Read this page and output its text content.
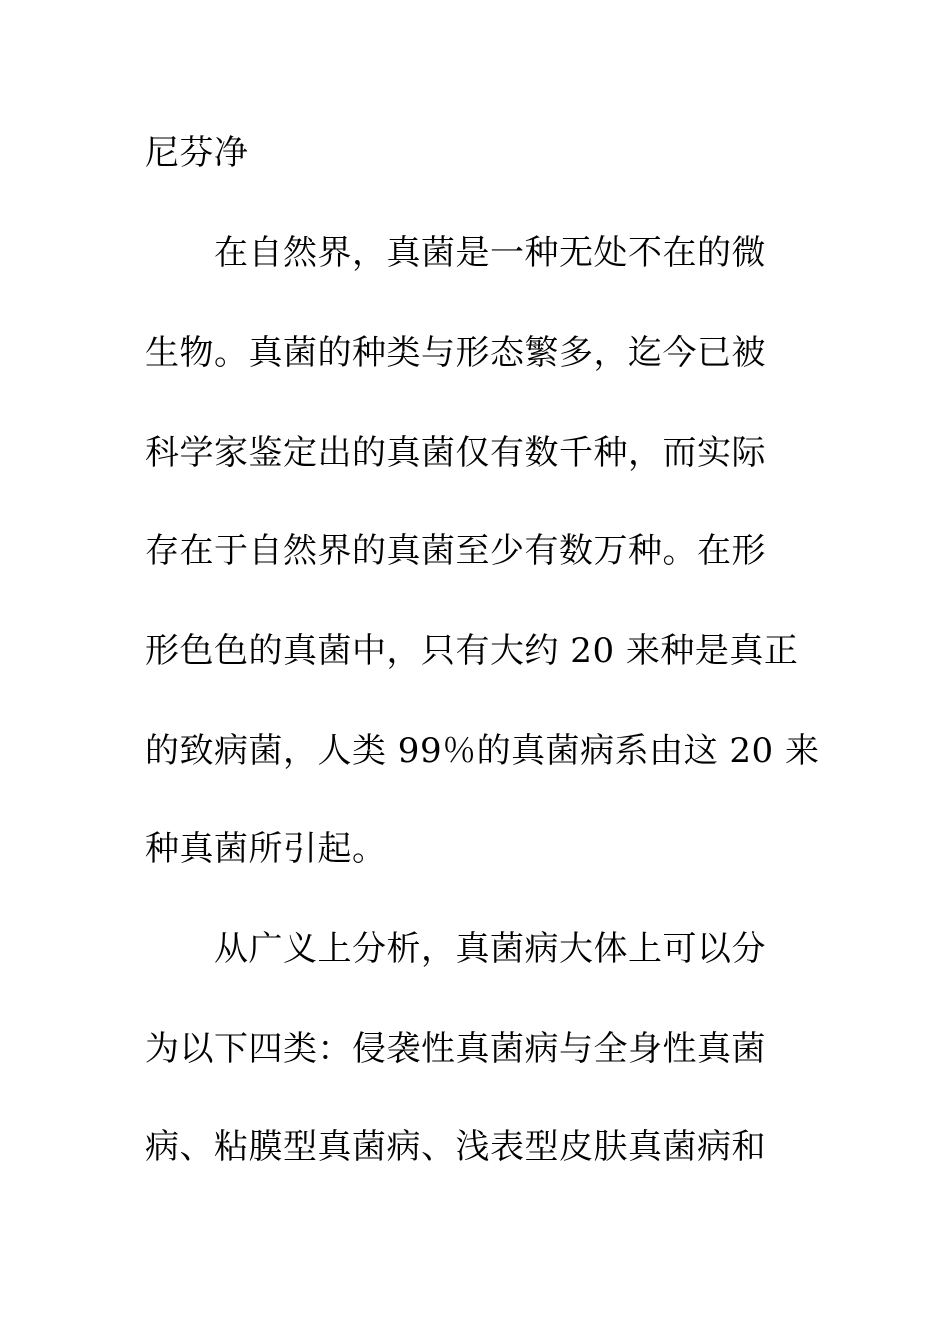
尼芬净
在自然界，真菌是一种无处不在的微
生物。真菌的种类与形态繁多，迄今已被
科学家鉴定出的真菌仅有数千种，而实际
存在于自然界的真菌至少有数万种。在形
形色色的真菌中，只有大约 20 来种是真正
的致病菌，人类 99％的真菌病系由这 20 来
种真菌所引起。
从广义上分析，真菌病大体上可以分
为以下四类：侵袭性真菌病与全身性真菌
病、粘膜型真菌病、浅表型皮肤真菌病和
